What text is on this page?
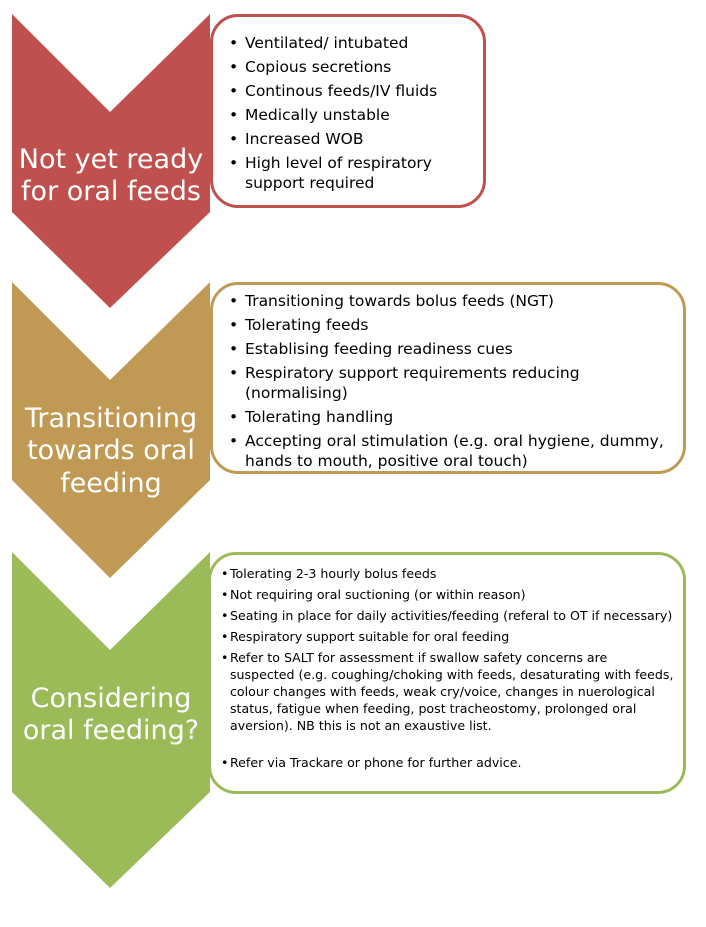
Not yet ready
for oral feeds
• Ventilated/ intubated
• Copious secretions
• Continous feeds/IV fluids
• Medically unstable
• Increased WOB
• High level of respiratory support required
Transitioning
towards oral
feeding
• Transitioning towards bolus feeds (NGT)
• Tolerating feeds
• Establising feeding readiness cues
• Respiratory support requirements reducing (normalising)
• Tolerating handling
• Accepting oral stimulation (e.g. oral hygiene, dummy, hands to mouth, positive oral touch)
Considering
oral feeding?
• Tolerating 2-3 hourly bolus feeds
• Not requiring oral suctioning (or within reason)
• Seating in place for daily activities/feeding (referal to OT if necessary)
• Respiratory support suitable for oral feeding
• Refer to SALT for assessment if swallow safety concerns are suspected (e.g. coughing/choking with feeds, desaturating with feeds, colour changes with feeds, weak cry/voice, changes in nuerological status, fatigue when feeding, post tracheostomy, prolonged oral aversion). NB this is not an exaustive list.
• Refer via Trackare or phone for further advice.
